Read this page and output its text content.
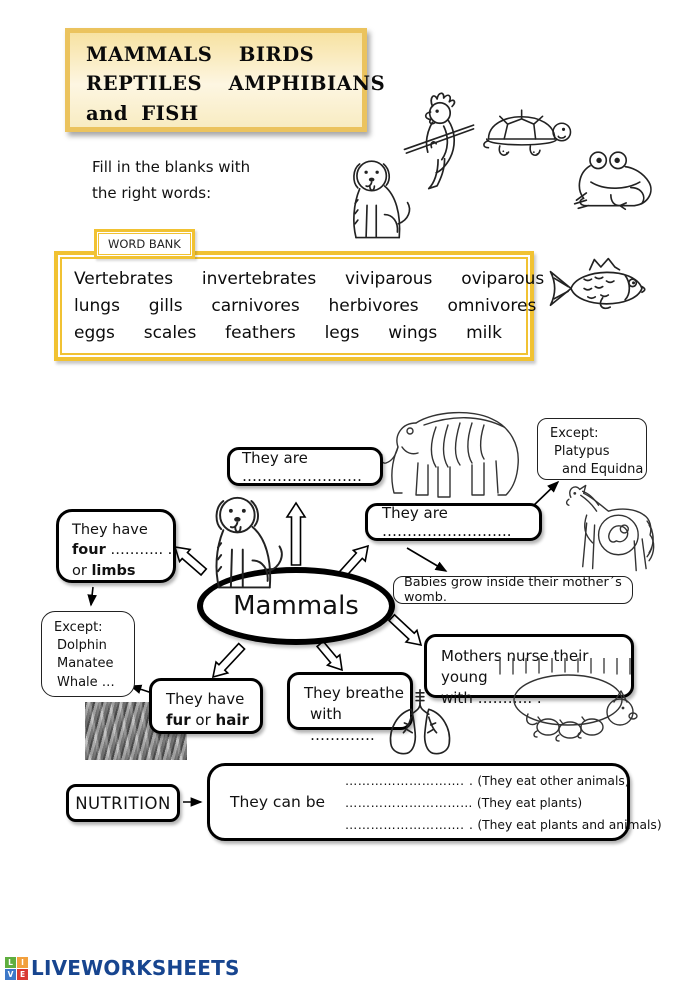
MAMMALS  BIRDS
REPTILES  AMPHIBIANS
and FISH
Fill in the blanks with
the right words:
WORD BANK
Vertebrates  invertebrates  viviparous  oviparous
lungs  gills  carnivores  herbivores  omnivores
eggs  scales  feathers  legs  wings  milk
Mammals
They are ……………………
Except:
Platypus
and Equidna
They are ……………………..
Babies grow inside their mother´s womb.
They have
four ……….. .
or limbs
Except:
Dolphin
Manatee
Whale …
Mothers nurse their young
with ……….. .
They have
fur or hair
They breathe
with ………….
NUTRITION	They can be
………………………. . (They eat other animals)
………………………… (They eat plants)
………………………. . (They eat plants and animals)
L	I
V E LIVEWORKSHEETS
